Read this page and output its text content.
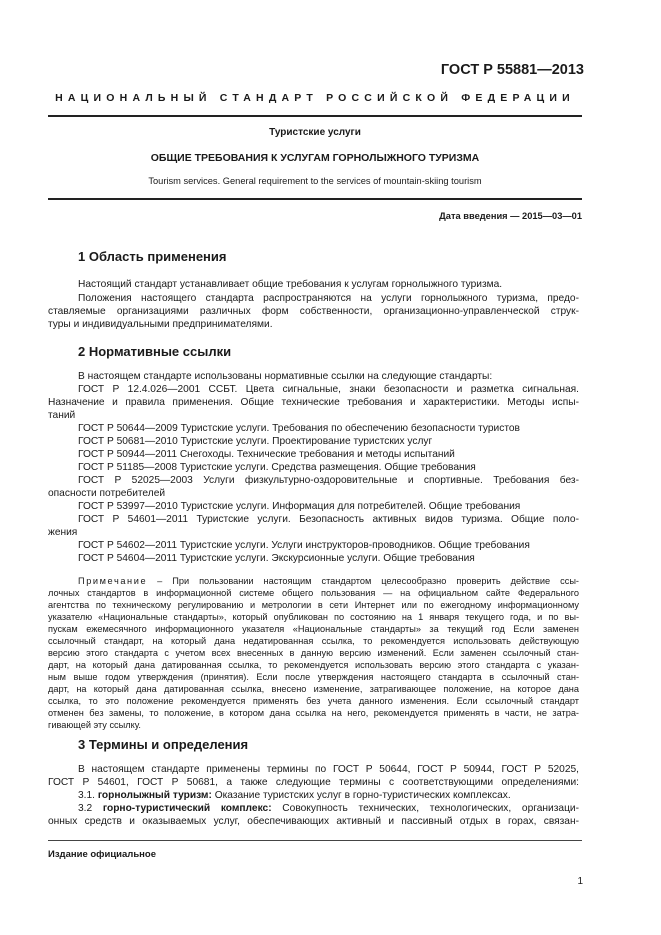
ГОСТ Р 55881—2013
НАЦИОНАЛЬНЫЙ СТАНДАРТ РОССИЙСКОЙ ФЕДЕРАЦИИ
Туристские услуги
ОБЩИЕ ТРЕБОВАНИЯ К УСЛУГАМ ГОРНОЛЫЖНОГО ТУРИЗМА
Tourism services. General requirement to the services of mountain-skiing tourism
Дата введения — 2015—03—01
1 Область применения
Настоящий стандарт устанавливает общие требования к услугам горнолыжного туризма.
Положения настоящего стандарта распространяются на услуги горнолыжного туризма, предо-
ставляемые организациями различных форм собственности, организационно-управленческой струк-
туры и индивидуальными предпринимателями.
2 Нормативные ссылки
В настоящем стандарте использованы нормативные ссылки на следующие стандарты:
ГОСТ Р 12.4.026—2001 ССБТ. Цвета сигнальные, знаки безопасности и разметка сигнальная.
Назначение и правила применения. Общие технические требования и характеристики. Методы испы-
таний
ГОСТ Р 50644—2009 Туристские услуги. Требования по обеспечению безопасности туристов
ГОСТ Р 50681—2010 Туристские услуги. Проектирование туристских услуг
ГОСТ Р 50944—2011 Снегоходы. Технические требования и методы испытаний
ГОСТ Р 51185—2008 Туристские услуги. Средства размещения. Общие требования
ГОСТ Р 52025—2003 Услуги физкультурно-оздоровительные и спортивные. Требования без-
опасности потребителей
ГОСТ Р 53997—2010 Туристские услуги. Информация для потребителей. Общие требования
ГОСТ Р 54601—2011 Туристские услуги. Безопасность активных видов туризма. Общие поло-
жения
ГОСТ Р 54602—2011 Туристские услуги. Услуги инструкторов-проводников. Общие требования
ГОСТ Р 54604—2011 Туристские услуги. Экскурсионные услуги. Общие требования
Примечание – При пользовании настоящим стандартом целесообразно проверить действие ссы-
лочных стандартов в информационной системе общего пользования — на официальном сайте Федерального
агентства по техническому регулированию и метрологии в сети Интернет или по ежегодному информационному
указателю «Национальные стандарты», который опубликован по состоянию на 1 января текущего года, и по вы-
пускам ежемесячного информационного указателя «Национальные стандарты» за текущий год Если заменен
ссылочный стандарт, на который дана недатированная ссылка, то рекомендуется использовать действующую
версию этого стандарта с учетом всех внесенных в данную версию изменений. Если заменен ссылочный стан-
дарт, на который дана датированная ссылка, то рекомендуется использовать версию этого стандарта с указан-
ным выше годом утверждения (принятия). Если после утверждения настоящего стандарта в ссылочный стан-
дарт, на который дана датированная ссылка, внесено изменение, затрагивающее положение, на которое дана
ссылка, то это положение рекомендуется применять без учета данного изменения. Если ссылочный стандарт
отменен без замены, то положение, в котором дана ссылка на него, рекомендуется применять в части, не затра-
гивающей эту ссылку.
3 Термины и определения
В настоящем стандарте применены термины по ГОСТ Р 50644, ГОСТ Р 50944, ГОСТ Р 52025,
ГОСТ Р 54601, ГОСТ Р 50681, а также следующие термины с соответствующими определениями:
3.1. горнолыжный туризм: Оказание туристских услуг в горно-туристических комплексах.
3.2 горно-туристический комплекс: Совокупность технических, технологических, организаци-
онных средств и оказываемых услуг, обеспечивающих активный и пассивный отдых в горах, связан-
Издание официальное
1
